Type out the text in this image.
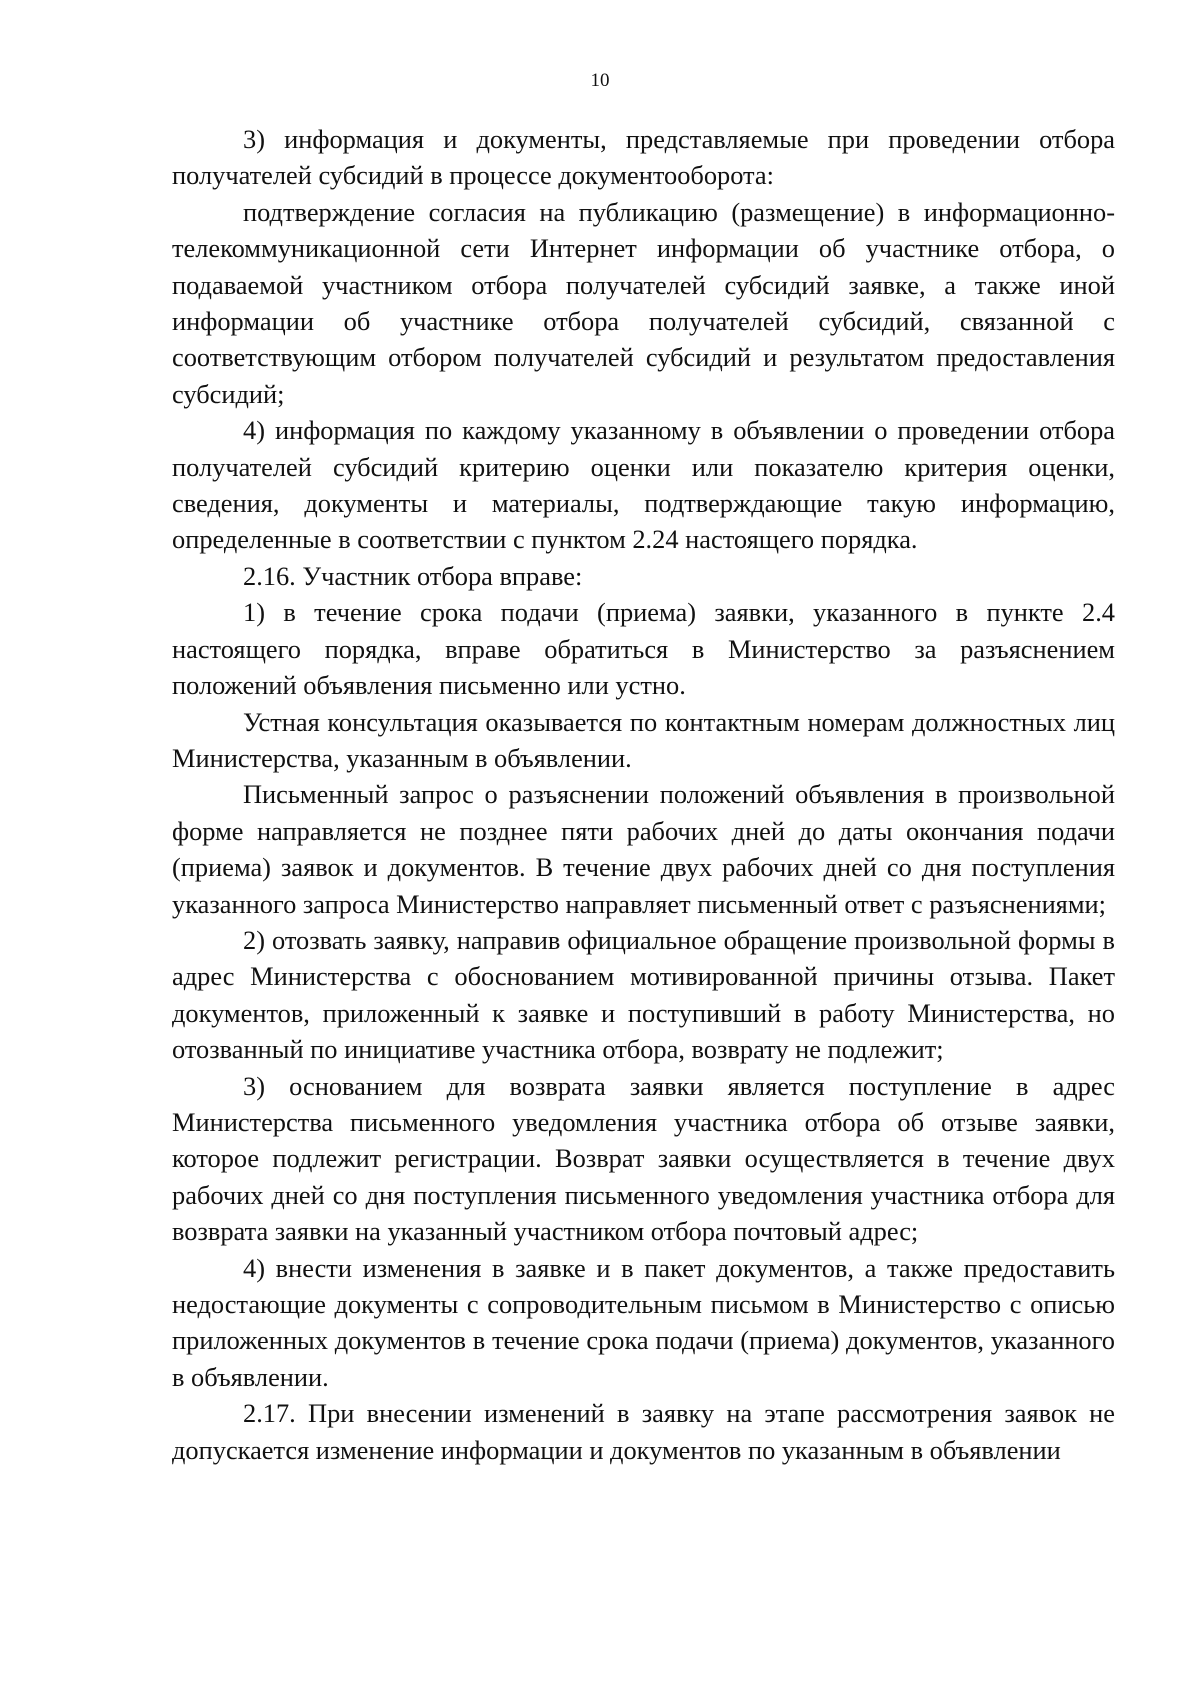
10

3) информация и документы, представляемые при проведении отбора получателей субсидий в процессе документооборота:

подтверждение согласия на публикацию (размещение) в информационно-телекоммуникационной сети Интернет информации об участнике отбора, о подаваемой участником отбора получателей субсидий заявке, а также иной информации об участнике отбора получателей субсидий, связанной с соответствующим отбором получателей субсидий и результатом предоставления субсидий;

4) информация по каждому указанному в объявлении о проведении отбора получателей субсидий критерию оценки или показателю критерия оценки, сведения, документы и материалы, подтверждающие такую информацию, определенные в соответствии с пунктом 2.24 настоящего порядка.

2.16. Участник отбора вправе:

1) в течение срока подачи (приема) заявки, указанного в пункте 2.4 настоящего порядка, вправе обратиться в Министерство за разъяснением положений объявления письменно или устно.

Устная консультация оказывается по контактным номерам должностных лиц Министерства, указанным в объявлении.

Письменный запрос о разъяснении положений объявления в произвольной форме направляется не позднее пяти рабочих дней до даты окончания подачи (приема) заявок и документов. В течение двух рабочих дней со дня поступления указанного запроса Министерство направляет письменный ответ с разъяснениями;

2) отозвать заявку, направив официальное обращение произвольной формы в адрес Министерства с обоснованием мотивированной причины отзыва. Пакет документов, приложенный к заявке и поступивший в работу Министерства, но отозванный по инициативе участника отбора, возврату не подлежит;

3) основанием для возврата заявки является поступление в адрес Министерства письменного уведомления участника отбора об отзыве заявки, которое подлежит регистрации. Возврат заявки осуществляется в течение двух рабочих дней со дня поступления письменного уведомления участника отбора для возврата заявки на указанный участником отбора почтовый адрес;

4) внести изменения в заявке и в пакет документов, а также предоставить недостающие документы с сопроводительным письмом в Министерство с описью приложенных документов в течение срока подачи (приема) документов, указанного в объявлении.

2.17. При внесении изменений в заявку на этапе рассмотрения заявок не допускается изменение информации и документов по указанным в объявлении
